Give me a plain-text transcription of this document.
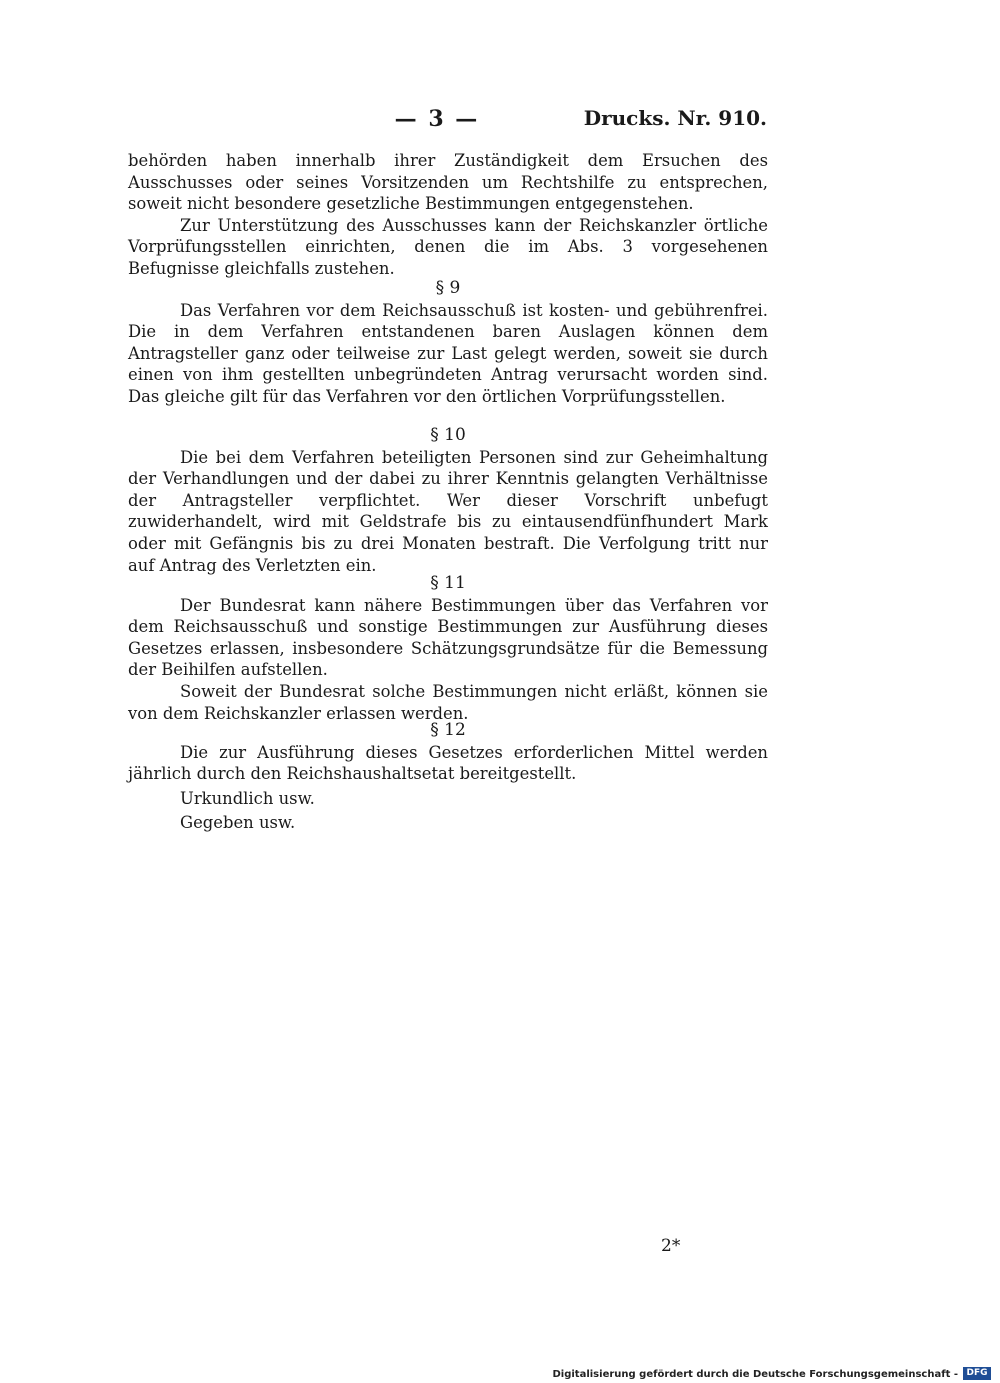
— 3 —	Drucks. Nr. 910.

behörden haben innerhalb ihrer Zuständigkeit dem Ersuchen des Ausschusses oder seines Vorsitzenden um Rechtshilfe zu entsprechen, soweit nicht besondere gesetzliche Bestimmungen entgegenstehen.

Zur Unterstützung des Ausschusses kann der Reichskanzler örtliche Vorprüfungsstellen einrichten, denen die im Abs. 3 vorgesehenen Befugnisse gleichfalls zustehen.

§ 9

Das Verfahren vor dem Reichsausschuß ist kosten- und gebührenfrei. Die in dem Verfahren entstandenen baren Auslagen können dem Antragsteller ganz oder teilweise zur Last gelegt werden, soweit sie durch einen von ihm gestellten unbegründeten Antrag verursacht worden sind. Das gleiche gilt für das Verfahren vor den örtlichen Vorprüfungsstellen.

§ 10

Die bei dem Verfahren beteiligten Personen sind zur Geheimhaltung der Verhandlungen und der dabei zu ihrer Kenntnis gelangten Verhältnisse der Antragsteller verpflichtet. Wer dieser Vorschrift unbefugt zuwiderhandelt, wird mit Geldstrafe bis zu eintausendfünfhundert Mark oder mit Gefängnis bis zu drei Monaten bestraft. Die Verfolgung tritt nur auf Antrag des Verletzten ein.

§ 11

Der Bundesrat kann nähere Bestimmungen über das Verfahren vor dem Reichsausschuß und sonstige Bestimmungen zur Ausführung dieses Gesetzes erlassen, insbesondere Schätzungsgrundsätze für die Bemessung der Beihilfen aufstellen.

Soweit der Bundesrat solche Bestimmungen nicht erläßt, können sie von dem Reichskanzler erlassen werden.

§ 12

Die zur Ausführung dieses Gesetzes erforderlichen Mittel werden jährlich durch den Reichshaushaltsetat bereitgestellt.

Urkundlich usw.

Gegeben usw.

2*
Digitalisierung gefördert durch die Deutsche Forschungsgemeinschaft - DFG
